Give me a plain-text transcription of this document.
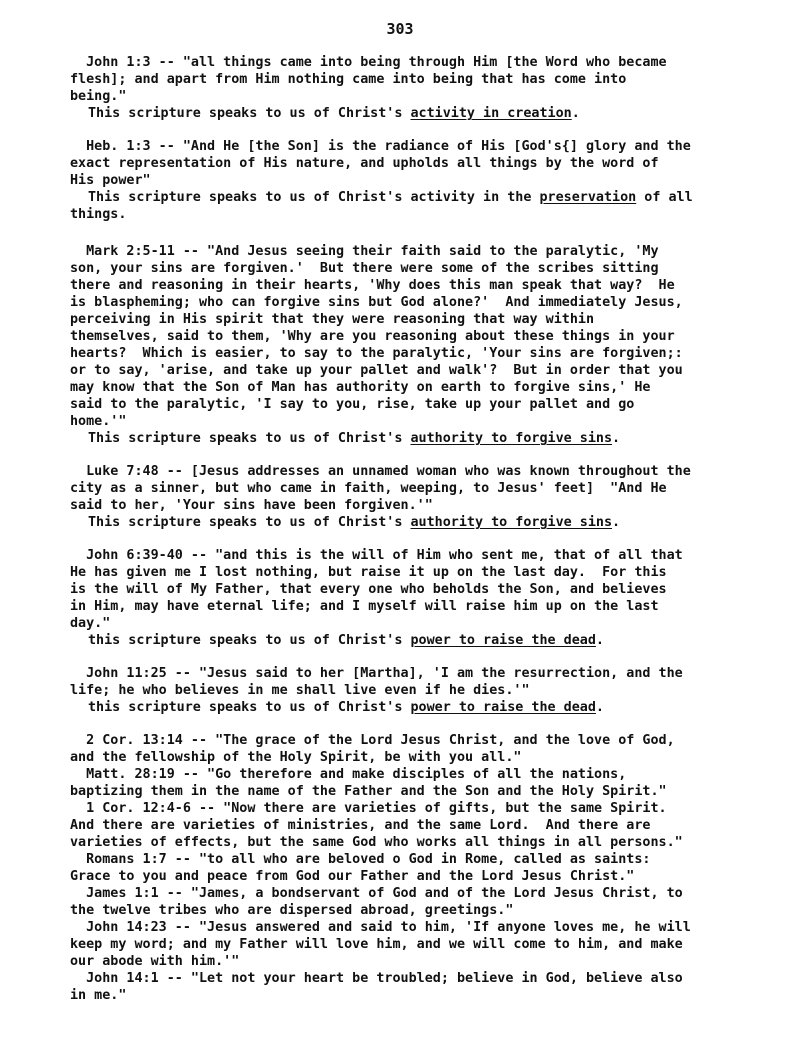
303
John 1:3 -- "all things came into being through Him [the Word who became
flesh]; and apart from Him nothing came into being that has come into
being."
This scripture speaks to us of Christ's activity in creation.
Heb. 1:3 -- "And He [the Son] is the radiance of His [God's{] glory and the
exact representation of His nature, and upholds all things by the word of
His power"
This scripture speaks to us of Christ's activity in the preservation of all
things.
Mark 2:5-11 -- "And Jesus seeing their faith said to the paralytic, 'My
son, your sins are forgiven.'  But there were some of the scribes sitting
there and reasoning in their hearts, 'Why does this man speak that way?  He
is blaspheming; who can forgive sins but God alone?'  And immediately Jesus,
perceiving in His spirit that they were reasoning that way within
themselves, said to them, 'Why are you reasoning about these things in your
hearts?  Which is easier, to say to the paralytic, 'Your sins are forgiven;:
or to say, 'arise, and take up your pallet and walk'?  But in order that you
may know that the Son of Man has authority on earth to forgive sins,' He
said to the paralytic, 'I say to you, rise, take up your pallet and go
home.'"
This scripture speaks to us of Christ's authority to forgive sins.
Luke 7:48 -- [Jesus addresses an unnamed woman who was known throughout the
city as a sinner, but who came in faith, weeping, to Jesus' feet]  "And He
said to her, 'Your sins have been forgiven.'"
This scripture speaks to us of Christ's authority to forgive sins.
John 6:39-40 -- "and this is the will of Him who sent me, that of all that
He has given me I lost nothing, but raise it up on the last day.  For this
is the will of My Father, that every one who beholds the Son, and believes
in Him, may have eternal life; and I myself will raise him up on the last
day."
this scripture speaks to us of Christ's power to raise the dead.
John 11:25 -- "Jesus said to her [Martha], 'I am the resurrection, and the
life; he who believes in me shall live even if he dies.'"
this scripture speaks to us of Christ's power to raise the dead.
2 Cor. 13:14 -- "The grace of the Lord Jesus Christ, and the love of God,
and the fellowship of the Holy Spirit, be with you all."
Matt. 28:19 -- "Go therefore and make disciples of all the nations,
baptizing them in the name of the Father and the Son and the Holy Spirit."
1 Cor. 12:4-6 -- "Now there are varieties of gifts, but the same Spirit.
And there are varieties of ministries, and the same Lord.  And there are
varieties of effects, but the same God who works all things in all persons."
Romans 1:7 -- "to all who are beloved o God in Rome, called as saints:
Grace to you and peace from God our Father and the Lord Jesus Christ."
James 1:1 -- "James, a bondservant of God and of the Lord Jesus Christ, to
the twelve tribes who are dispersed abroad, greetings."
John 14:23 -- "Jesus answered and said to him, 'If anyone loves me, he will
keep my word; and my Father will love him, and we will come to him, and make
our abode with him.'"
John 14:1 -- "Let not your heart be troubled; believe in God, believe also
in me."
